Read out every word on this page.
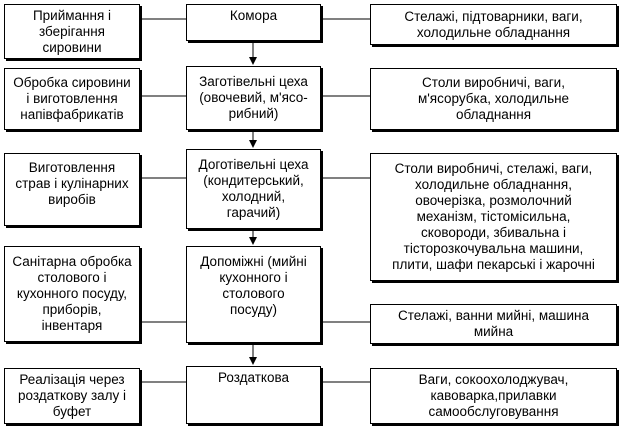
Приймання і
зберігання
сировини
Комора	Стелажі, підтоварники, ваги,
холодильне обладнання
Обробка сировини
і виготовлення
напівфабрикатів
Заготівельні цеха
(овочевий, м'ясо-
рибний)
Столи виробничі, ваги,
м'ясорубка, холодильне
обладнання
Виготовлення
страв і кулінарних
виробів
Доготівельні цеха
(кондитерський,
холодний,
гарачий)
Столи виробничі, стелажі, ваги,
холодильне обладнання,
овочерізка, розмолочний
механізм, тістомісильна,
сковороди, збивальна і
тісторозкочувальна машини,
плити, шафи пекарські і жарочні
Санітарна обробка
столового і
кухонного посуду,
приборів,
інвентаря
Допоміжні (мийні
кухонного і
столового
посуду)	Стелажі, ванни мийні, машина
мийна
Реалізація через
роздаткову залу і
буфет
Роздаткова	Ваги, сокоохолоджувач,
кавоварка,прилавки
самообслуговування
